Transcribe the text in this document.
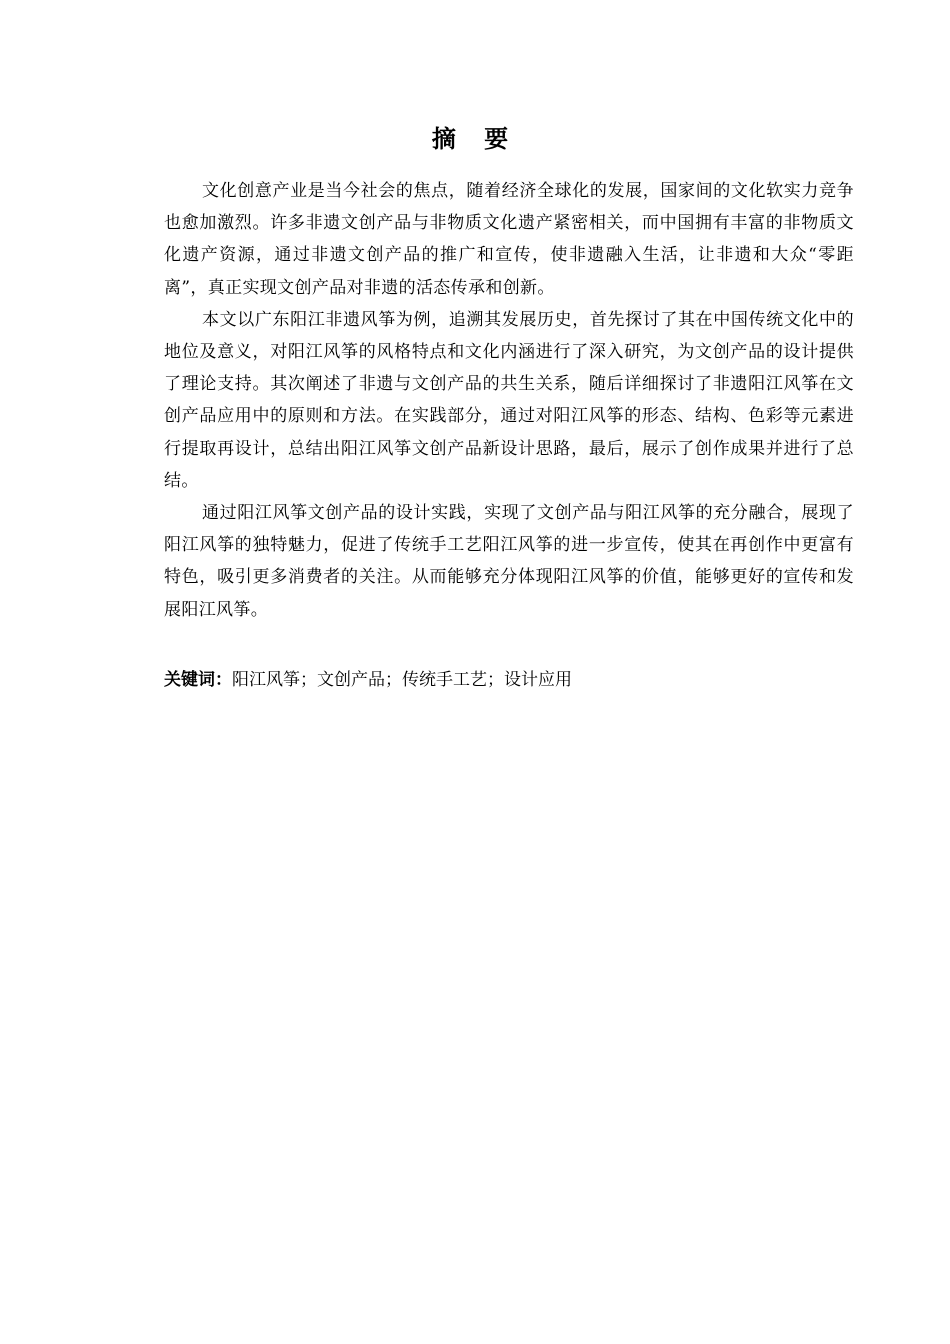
摘 要

文化创意产业是当今社会的焦点，随着经济全球化的发展，国家间的文化软实力竞争也愈加激烈。许多非遗文创产品与非物质文化遗产紧密相关，而中国拥有丰富的非物质文化遗产资源，通过非遗文创产品的推广和宣传，使非遗融入生活，让非遗和大众“零距离”，真正实现文创产品对非遗的活态传承和创新。

本文以广东阳江非遗风筝为例，追溯其发展历史，首先探讨了其在中国传统文化中的地位及意义，对阳江风筝的风格特点和文化内涵进行了深入研究，为文创产品的设计提供了理论支持。其次阐述了非遗与文创产品的共生关系，随后详细探讨了非遗阳江风筝在文创产品应用中的原则和方法。在实践部分，通过对阳江风筝的形态、结构、色彩等元素进行提取再设计，总结出阳江风筝文创产品新设计思路，最后，展示了创作成果并进行了总结。

通过阳江风筝文创产品的设计实践，实现了文创产品与阳江风筝的充分融合，展现了阳江风筝的独特魅力，促进了传统手工艺阳江风筝的进一步宣传，使其在再创作中更富有特色，吸引更多消费者的关注。从而能够充分体现阳江风筝的价值，能够更好的宣传和发展阳江风筝。

关键词：阳江风筝；文创产品；传统手工艺；设计应用
